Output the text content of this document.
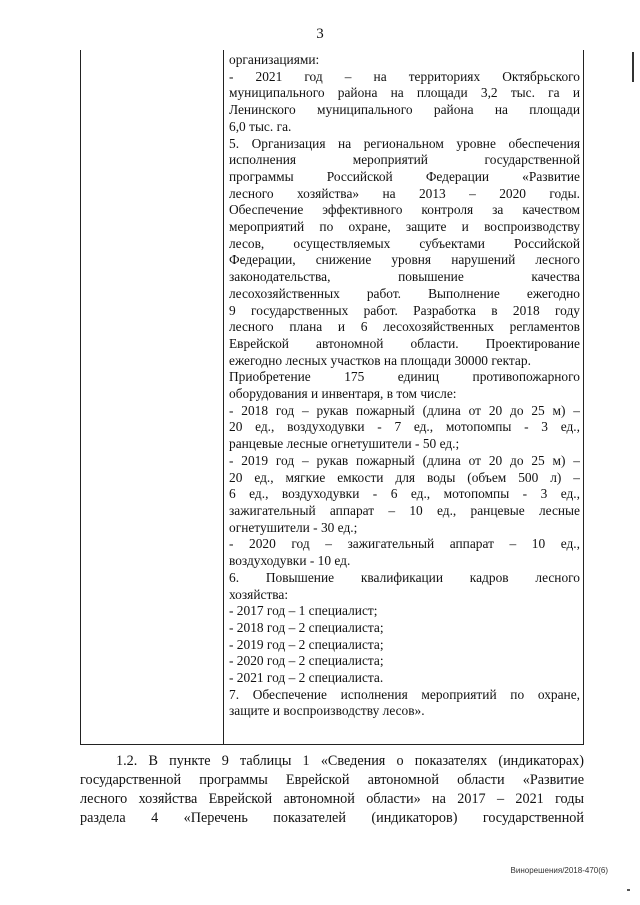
3
организациями:
- 2021 год – на территориях Октябрьского
муниципального района на площади 3,2 тыс. га и
Ленинского муниципального района на площади
6,0 тыс. га.
5. Организация на региональном уровне обеспечения
исполнения мероприятий государственной
программы Российской Федерации «Развитие
лесного хозяйства» на 2013 – 2020 годы.
Обеспечение эффективного контроля за качеством
мероприятий по охране, защите и воспроизводству
лесов, осуществляемых субъектами Российской
Федерации, снижение уровня нарушений лесного
законодательства, повышение качества
лесохозяйственных работ. Выполнение ежегодно
9 государственных работ. Разработка в 2018 году
лесного плана и 6 лесохозяйственных регламентов
Еврейской автономной области. Проектирование
ежегодно лесных участков на площади 30000 гектар.
Приобретение 175 единиц противопожарного
оборудования и инвентаря, в том числе:
- 2018 год – рукав пожарный (длина от 20 до 25 м) –
20 ед., воздуходувки - 7 ед., мотопомпы - 3 ед.,
ранцевые лесные огнетушители - 50 ед.;
- 2019 год – рукав пожарный (длина от 20 до 25 м) –
20 ед., мягкие емкости для воды (объем 500 л) –
6 ед., воздуходувки - 6 ед., мотопомпы - 3 ед.,
зажигательный аппарат – 10 ед., ранцевые лесные
огнетушители - 30 ед.;
- 2020 год – зажигательный аппарат – 10 ед.,
воздуходувки - 10 ед.
6. Повышение квалификации кадров лесного
хозяйства:
- 2017 год – 1 специалист;
- 2018 год – 2 специалиста;
- 2019 год – 2 специалиста;
- 2020 год – 2 специалиста;
- 2021 год – 2 специалиста.
7. Обеспечение исполнения мероприятий по охране,
защите и воспроизводству лесов».
1.2. В пункте 9 таблицы 1 «Сведения о показателях (индикаторах)
государственной программы Еврейской автономной области «Развитие
лесного хозяйства Еврейской автономной области» на 2017 – 2021 годы
раздела 4 «Перечень показателей (индикаторов) государственной
Винорешения/2018-470(6)
